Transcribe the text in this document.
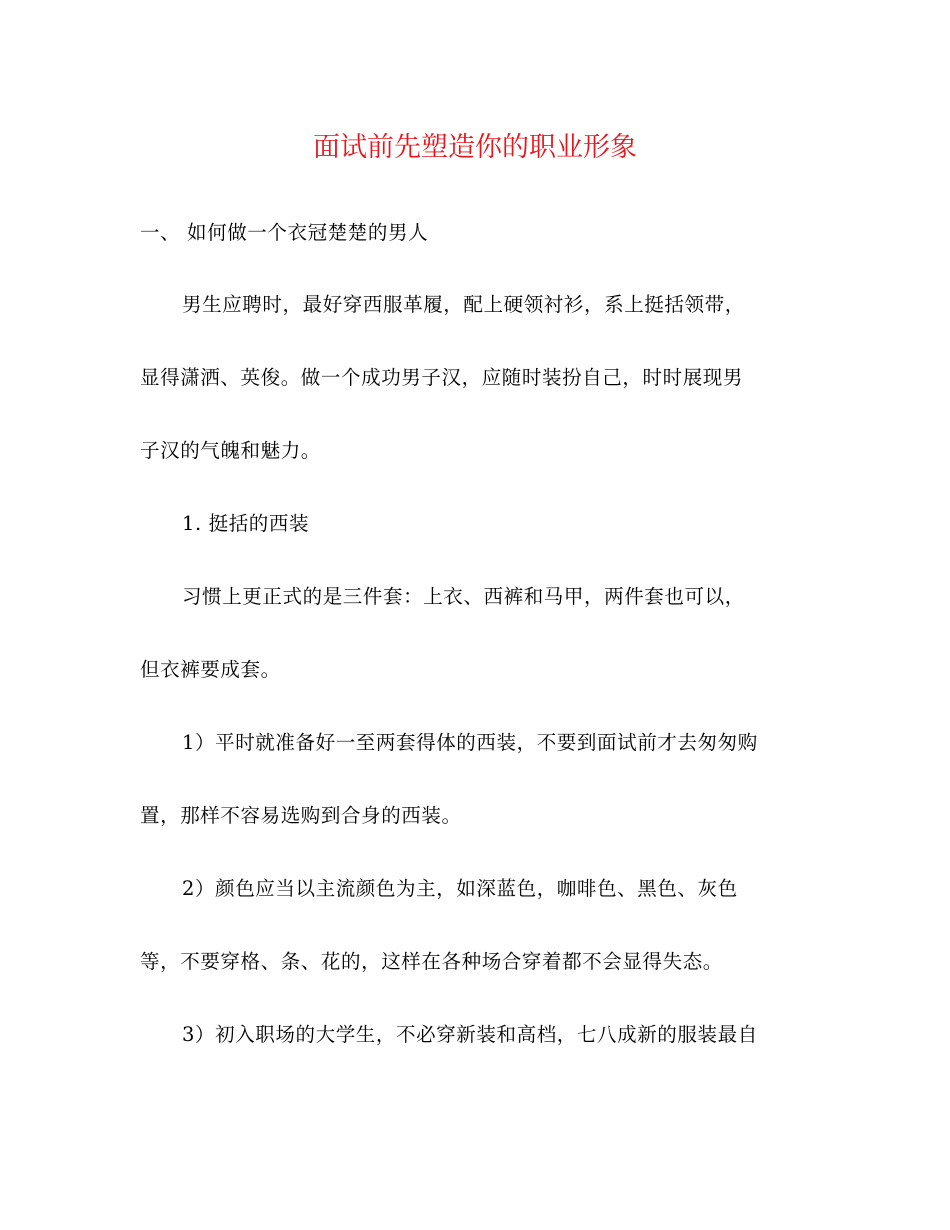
面试前先塑造你的职业形象
一、 如何做一个衣冠楚楚的男人
男生应聘时，最好穿西服革履，配上硬领衬衫，系上挺括领带，
显得潇洒、英俊。做一个成功男子汉，应随时装扮自己，时时展现男
子汉的气魄和魅力。
1. 挺括的西装
习惯上更正式的是三件套：上衣、西裤和马甲，两件套也可以，
但衣裤要成套。
1）平时就准备好一至两套得体的西装，不要到面试前才去匆匆购
置，那样不容易选购到合身的西装。
2）颜色应当以主流颜色为主，如深蓝色，咖啡色、黑色、灰色
等，不要穿格、条、花的，这样在各种场合穿着都不会显得失态。
3）初入职场的大学生，不必穿新装和高档，七八成新的服装最自
